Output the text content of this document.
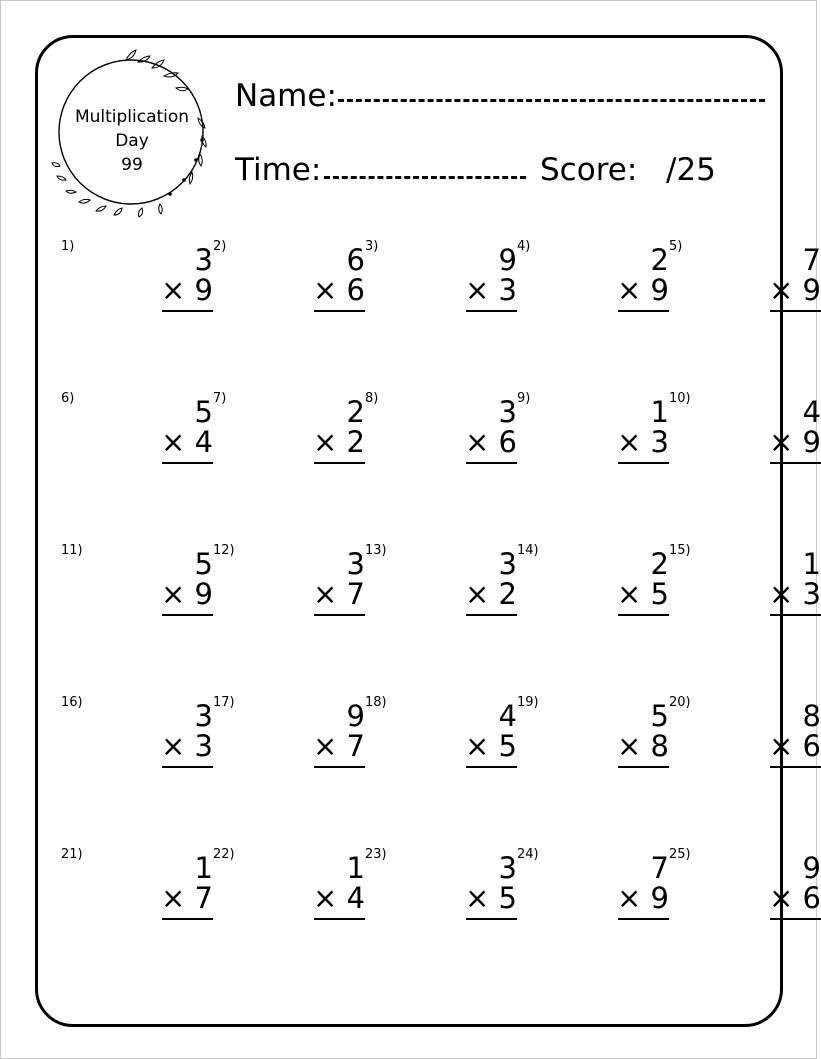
Multiplication
Day
99
Name:
Time:	Score: /25
1)	3
× 9
2)	6
× 6
3)	9
× 3
4)	2
× 9
5)	7
× 9
6)	5
× 4
7)	2
× 2
8)	3
× 6
9)	1
× 3
10)	4
× 9
11)	5
× 9
12)	3
× 7
13)	3
× 2
14)	2
× 5
15)	1
× 3
16)	3
× 3
17)	9
× 7
18)	4
× 5
19)	5
× 8
20)	8
× 6
21)	1
× 7
22)	1
× 4
23)	3
× 5
24)	7
× 9
25)	9
× 6
